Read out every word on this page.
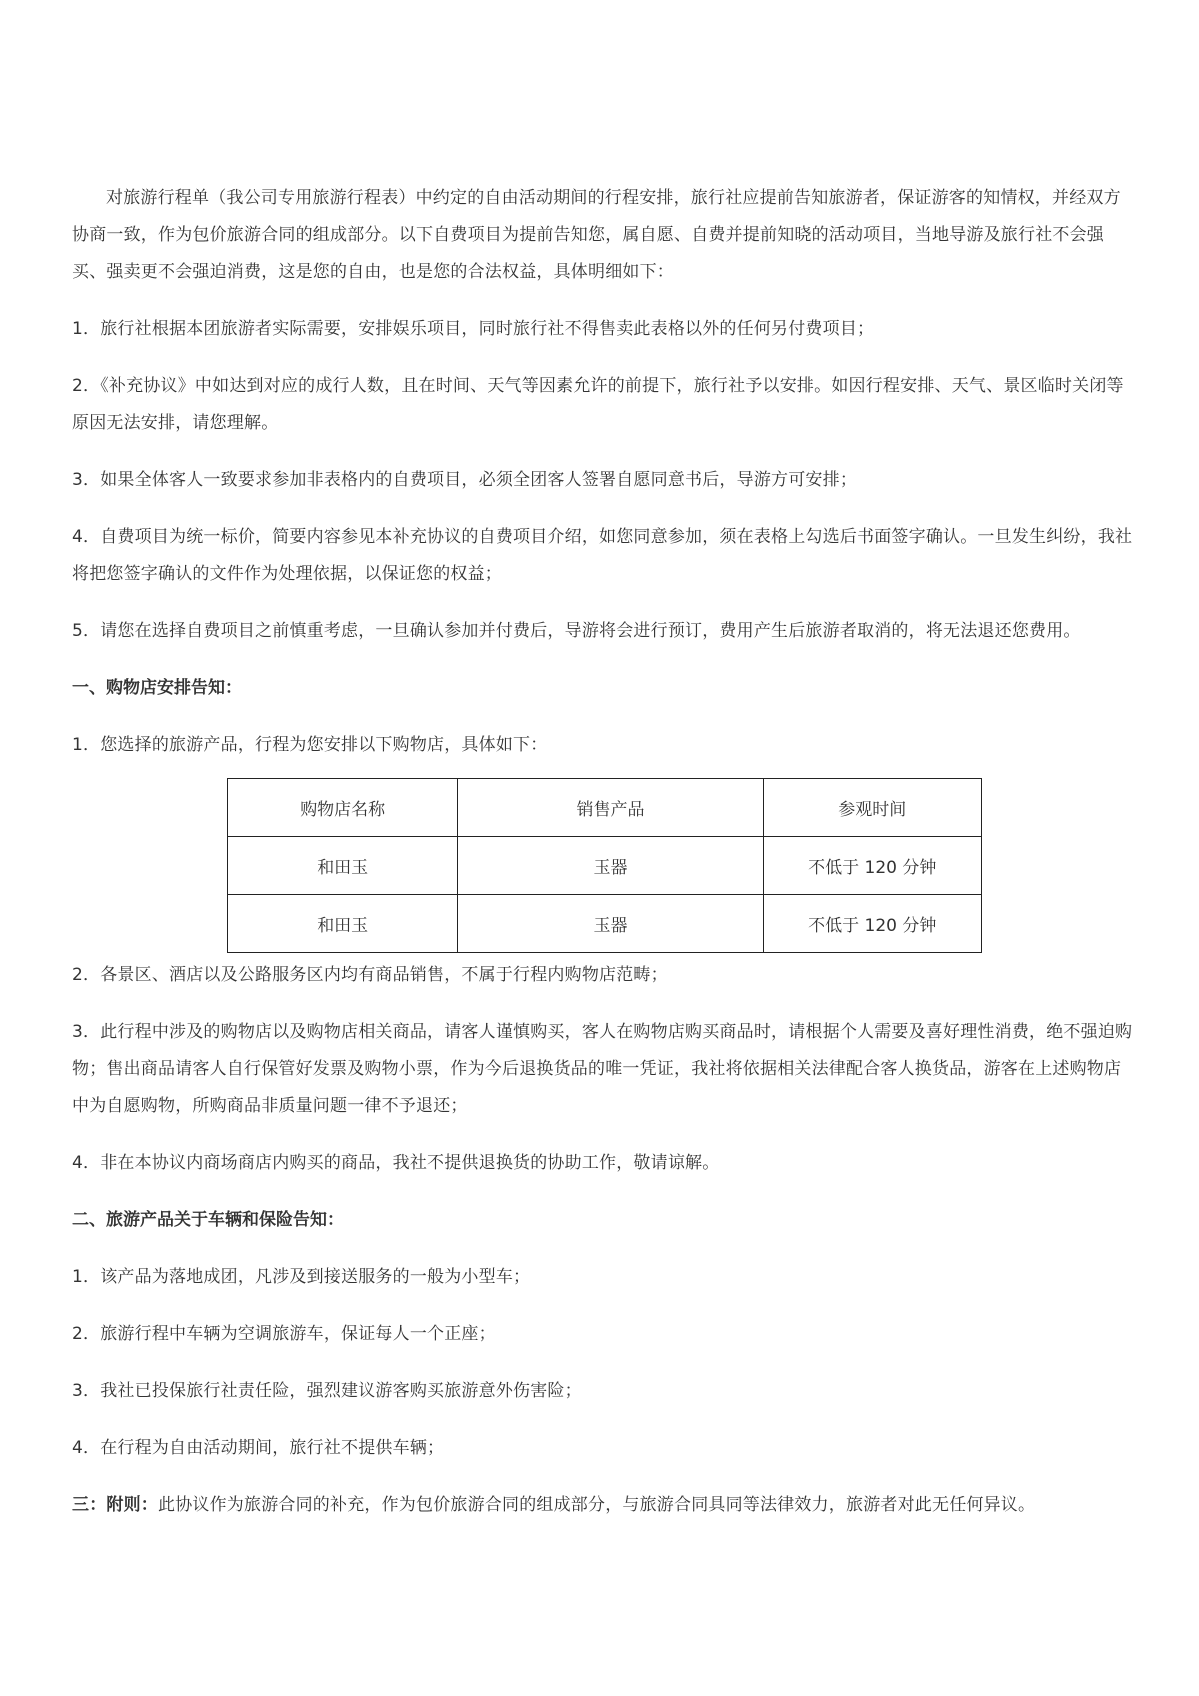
对旅游行程单（我公司专用旅游行程表）中约定的自由活动期间的行程安排，旅行社应提前告知旅游者，保证游客的知情权，并经双方协商一致，作为包价旅游合同的组成部分。以下自费项目为提前告知您，属自愿、自费并提前知晓的活动项目，当地导游及旅行社不会强买、强卖更不会强迫消费，这是您的自由，也是您的合法权益，具体明细如下：

1．旅行社根据本团旅游者实际需要，安排娱乐项目，同时旅行社不得售卖此表格以外的任何另付费项目；

2．《补充协议》中如达到对应的成行人数，且在时间、天气等因素允许的前提下，旅行社予以安排。如因行程安排、天气、景区临时关闭等原因无法安排，请您理解。

3．如果全体客人一致要求参加非表格内的自费项目，必须全团客人签署自愿同意书后，导游方可安排；

4．自费项目为统一标价，简要内容参见本补充协议的自费项目介绍，如您同意参加，须在表格上勾选后书面签字确认。一旦发生纠纷，我社将把您签字确认的文件作为处理依据，以保证您的权益；

5．请您在选择自费项目之前慎重考虑，一旦确认参加并付费后，导游将会进行预订，费用产生后旅游者取消的，将无法退还您费用。

一、购物店安排告知：

1．您选择的旅游产品，行程为您安排以下购物店，具体如下：

购物店名称	销售产品	参观时间
和田玉	玉器	不低于 120 分钟
和田玉	玉器	不低于 120 分钟

2．各景区、酒店以及公路服务区内均有商品销售，不属于行程内购物店范畴；

3．此行程中涉及的购物店以及购物店相关商品，请客人谨慎购买，客人在购物店购买商品时，请根据个人需要及喜好理性消费，绝不强迫购物；售出商品请客人自行保管好发票及购物小票，作为今后退换货品的唯一凭证，我社将依据相关法律配合客人换货品，游客在上述购物店中为自愿购物，所购商品非质量问题一律不予退还；

4．非在本协议内商场商店内购买的商品，我社不提供退换货的协助工作，敬请谅解。

二、旅游产品关于车辆和保险告知：

1．该产品为落地成团，凡涉及到接送服务的一般为小型车；

2．旅游行程中车辆为空调旅游车，保证每人一个正座；

3．我社已投保旅行社责任险，强烈建议游客购买旅游意外伤害险；

4．在行程为自由活动期间，旅行社不提供车辆；

三：附则：此协议作为旅游合同的补充，作为包价旅游合同的组成部分，与旅游合同具同等法律效力，旅游者对此无任何异议。
